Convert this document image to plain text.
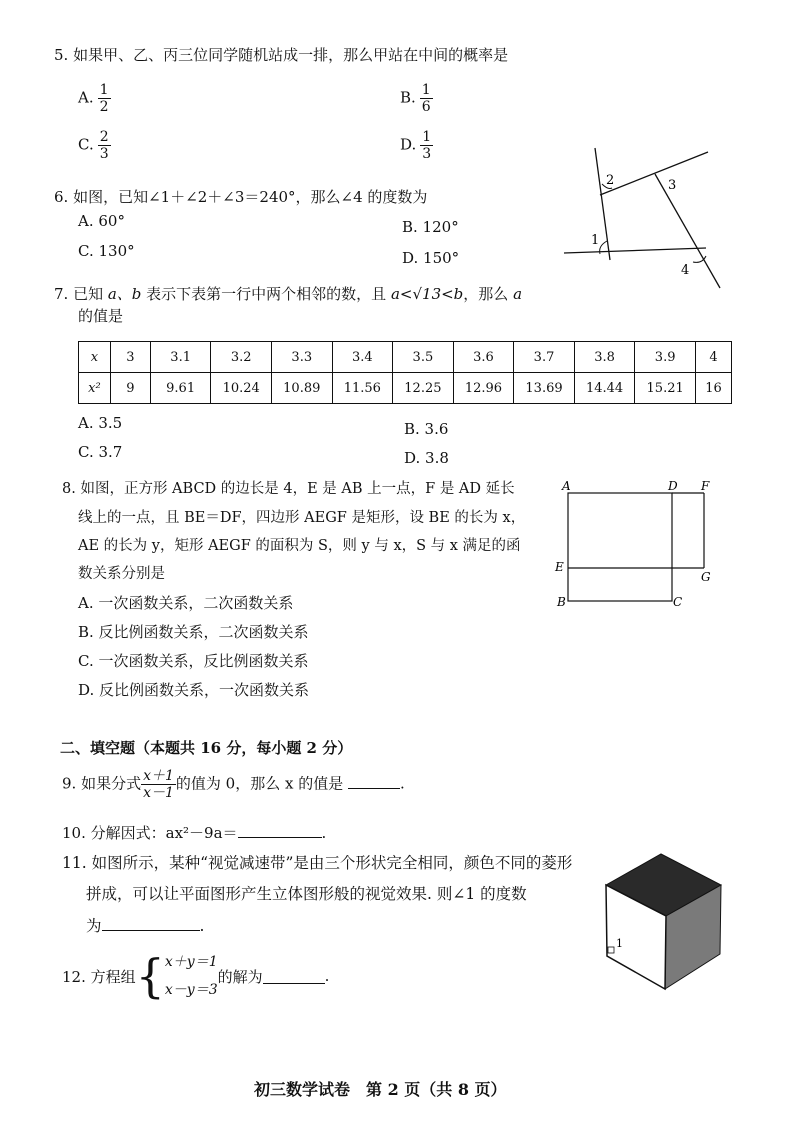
5. 如果甲、乙、丙三位同学随机站成一排，那么甲站在中间的概率是
A. $\frac{1}{2}$	B. $\frac{1}{6}$
C. $\frac{2}{3}$	D. $\frac{1}{3}$
6. 如图，已知∠1＋∠2＋∠3＝240°，那么∠4 的度数为
A. 60°	B. 120°
C. 130°	D. 150°
1
2	3
4
7. 已知 a、b 表示下表第一行中两个相邻的数，且 a<√13<b，那么 a
的值是
x	3	3.1	3.2	3.3	3.4	3.5	3.6	3.7	3.8	3.9	4
x²	9	9.61	10.24	10.89	11.56	12.25	12.96	13.69	14.44	15.21	16
A. 3.5	B. 3.6
C. 3.7	D. 3.8
8. 如图，正方形 ABCD 的边长是 4，E 是 AB 上一点，F 是 AD 延长
线上的一点，且 BE＝DF，四边形 AEGF 是矩形，设 BE 的长为 x，
AE 的长为 y，矩形 AEGF 的面积为 S，则 y 与 x，S 与 x 满足的函
数关系分别是
A. 一次函数关系，二次函数关系
B. 反比例函数关系，二次函数关系
C. 一次函数关系，反比例函数关系
D. 反比例函数关系，一次函数关系
A	D F
E
G
B	C
二、填空题（本题共 16 分，每小题 2 分）
9. 如果分式 $\frac{x+1}{x-1}$ 的值为 0，那么 x 的值是	.
10. 分解因式：ax²－9a＝	.
11. 如图所示，某种“视觉减速带”是由三个形状完全相同，颜色不同的菱形
拼成，可以让平面图形产生立体图形般的视觉效果. 则∠1 的度数
为	.
1
12. 方程组 { x＋y＝1
x－y＝3
的解为	.
初三数学试卷　第 2 页（共 8 页）
